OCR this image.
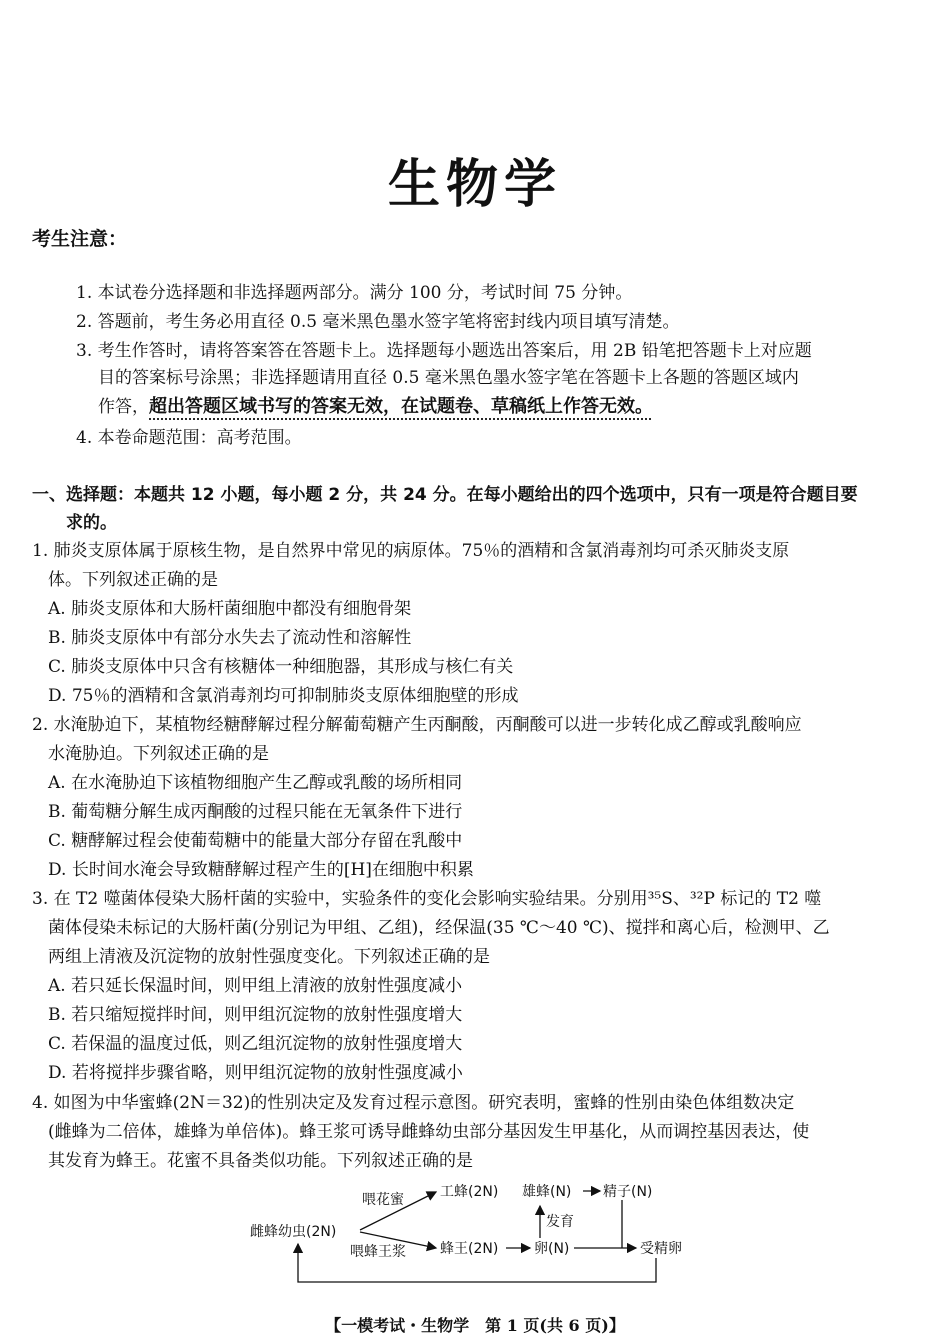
生物学
考生注意：
1. 本试卷分选择题和非选择题两部分。满分 100 分，考试时间 75 分钟。
2. 答题前，考生务必用直径 0.5 毫米黑色墨水签字笔将密封线内项目填写清楚。
3. 考生作答时，请将答案答在答题卡上。选择题每小题选出答案后，用 2B 铅笔把答题卡上对应题
目的答案标号涂黑；非选择题请用直径 0.5 毫米黑色墨水签字笔在答题卡上各题的答题区域内
作答，超出答题区域书写的答案无效，在试题卷、草稿纸上作答无效。
4. 本卷命题范围：高考范围。
一、选择题：本题共 12 小题，每小题 2 分，共 24 分。在每小题给出的四个选项中，只有一项是符合题目要
求的。
1. 肺炎支原体属于原核生物，是自然界中常见的病原体。75％的酒精和含氯消毒剂均可杀灭肺炎支原
体。下列叙述正确的是
A. 肺炎支原体和大肠杆菌细胞中都没有细胞骨架
B. 肺炎支原体中有部分水失去了流动性和溶解性
C. 肺炎支原体中只含有核糖体一种细胞器，其形成与核仁有关
D. 75％的酒精和含氯消毒剂均可抑制肺炎支原体细胞壁的形成
2. 水淹胁迫下，某植物经糖酵解过程分解葡萄糖产生丙酮酸，丙酮酸可以进一步转化成乙醇或乳酸响应
水淹胁迫。下列叙述正确的是
A. 在水淹胁迫下该植物细胞产生乙醇或乳酸的场所相同
B. 葡萄糖分解生成丙酮酸的过程只能在无氧条件下进行
C. 糖酵解过程会使葡萄糖中的能量大部分存留在乳酸中
D. 长时间水淹会导致糖酵解过程产生的[H]在细胞中积累
3. 在 T2 噬菌体侵染大肠杆菌的实验中，实验条件的变化会影响实验结果。分别用³⁵S、³²P 标记的 T2 噬
菌体侵染未标记的大肠杆菌(分别记为甲组、乙组)，经保温(35 ℃～40 ℃)、搅拌和离心后，检测甲、乙
两组上清液及沉淀物的放射性强度变化。下列叙述正确的是
A. 若只延长保温时间，则甲组上清液的放射性强度减小
B. 若只缩短搅拌时间，则甲组沉淀物的放射性强度增大
C. 若保温的温度过低，则乙组沉淀物的放射性强度增大
D. 若将搅拌步骤省略，则甲组沉淀物的放射性强度减小
4. 如图为中华蜜蜂(2N＝32)的性别决定及发育过程示意图。研究表明，蜜蜂的性别由染色体组数决定
(雌蜂为二倍体，雄蜂为单倍体)。蜂王浆可诱导雌蜂幼虫部分基因发生甲基化，从而调控基因表达，使
其发育为蜂王。花蜜不具备类似功能。下列叙述正确的是
雌蜂幼虫(2N)
喂花蜜
喂蜂王浆
工蜂(2N)
蜂王(2N)	卵(N)
发育
雄蜂(N) 精子(N)
受精卵
【一模考试・生物学　第 1 页(共 6 页)】
